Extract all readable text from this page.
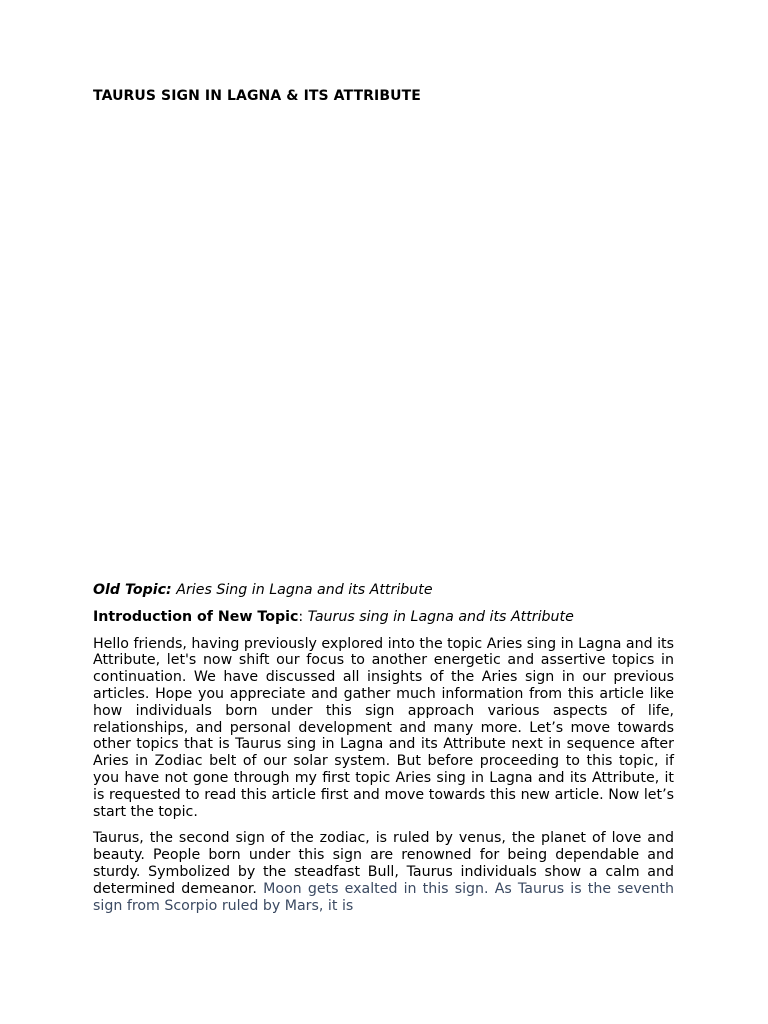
TAURUS SIGN IN LAGNA & ITS ATTRIBUTE

Old Topic: Aries Sing in Lagna and its Attribute

Introduction of New Topic: Taurus sing in Lagna and its Attribute

Hello friends, having previously explored into the topic Aries sing in Lagna and its Attribute, let's now shift our focus to another energetic and assertive topics in continuation. We have discussed all insights of the Aries sign in our previous articles. Hope you appreciate and gather much information from this article like how individuals born under this sign approach various aspects of life, relationships, and personal development and many more. Let’s move towards other topics that is Taurus sing in Lagna and its Attribute next in sequence after Aries in Zodiac belt of our solar system. But before proceeding to this topic, if you have not gone through my first topic Aries sing in Lagna and its Attribute, it is requested to read this article first and move towards this new article. Now let’s start the topic.

Taurus, the second sign of the zodiac, is ruled by venus, the planet of love and beauty. People born under this sign are renowned for being dependable and sturdy. Symbolized by the steadfast Bull, Taurus individuals show a calm and determined demeanor. Moon gets exalted in this sign. As Taurus is the seventh sign from Scorpio ruled by Mars, it is
